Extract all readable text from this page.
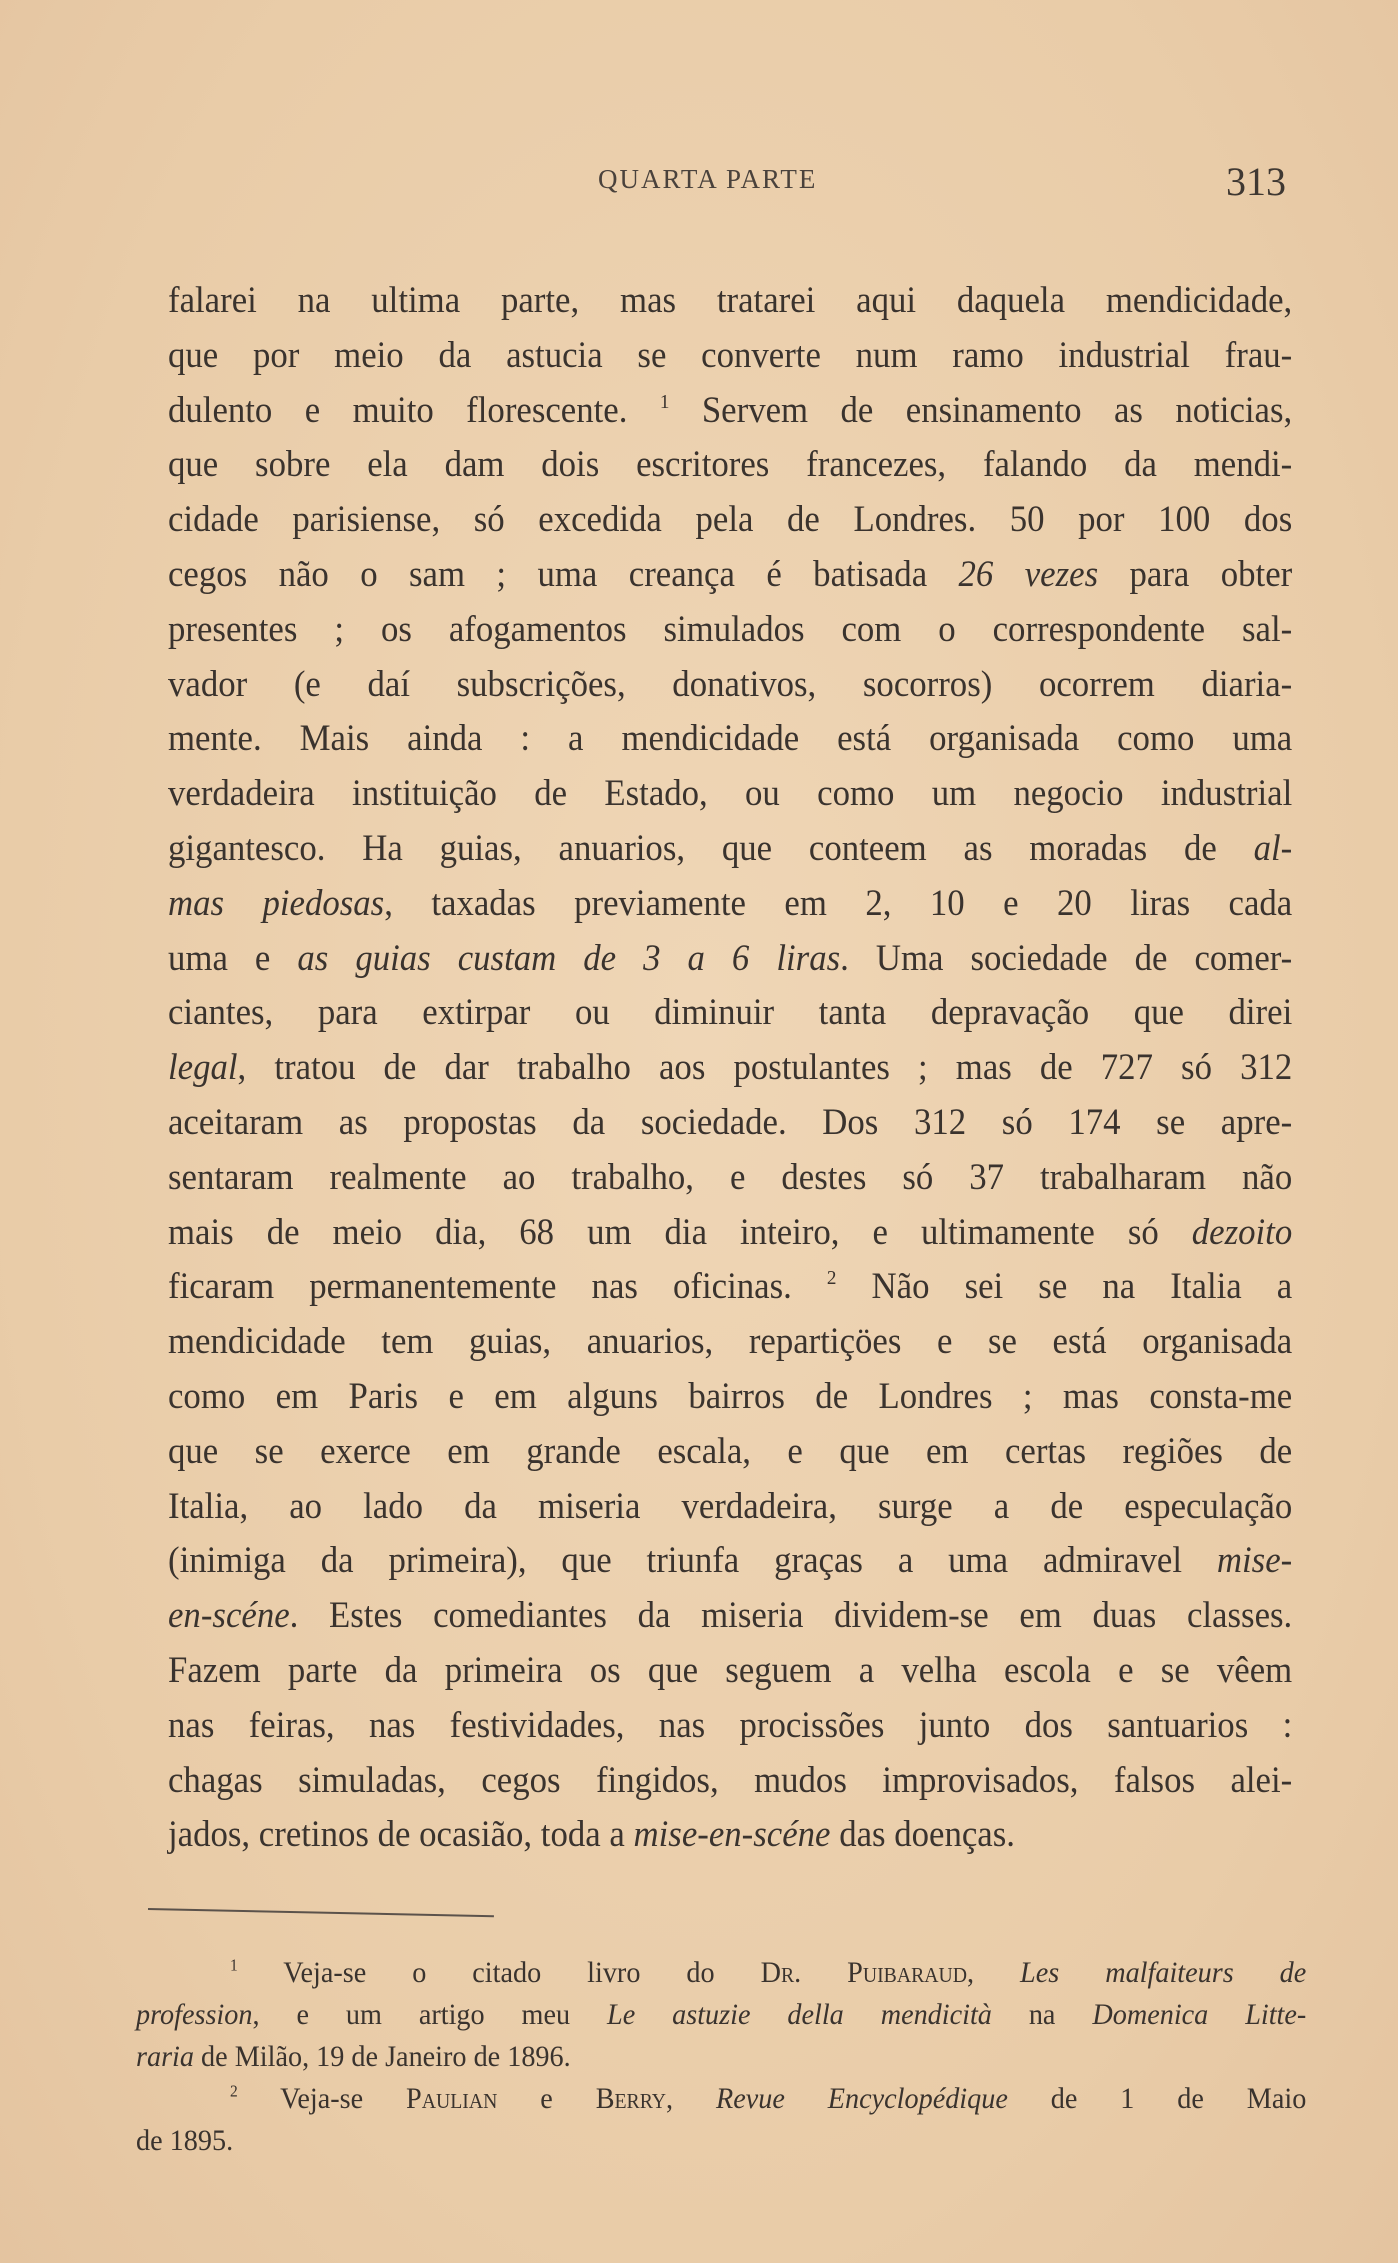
QUARTA PARTE	313
falarei na ultima parte, mas tratarei aqui daquela mendicidade,
que por meio da astucia se converte num ramo industrial frau-
dulento e muito florescente. $^1$ Servem de ensinamento as noticias,
que sobre ela dam dois escritores francezes, falando da mendi-
cidade parisiense, só excedida pela de Londres. 50 por 100 dos
cegos não o sam ; uma creança é batisada 26 vezes para obter
presentes ; os afogamentos simulados com o correspondente sal-
vador (e daí subscrições, donativos, socorros) ocorrem diaria-
mente. Mais ainda : a mendicidade está organisada como uma
verdadeira instituição de Estado, ou como um negocio industrial
gigantesco. Ha guias, anuarios, que conteem as moradas de al-
mas piedosas, taxadas previamente em 2, 10 e 20 liras cada
uma e as guias custam de 3 a 6 liras. Uma sociedade de comer-
ciantes, para extirpar ou diminuir tanta depravação que direi
legal, tratou de dar trabalho aos postulantes ; mas de 727 só 312
aceitaram as propostas da sociedade. Dos 312 só 174 se apre-
sentaram realmente ao trabalho, e destes só 37 trabalharam não
mais de meio dia, 68 um dia inteiro, e ultimamente só dezoito
ficaram permanentemente nas oficinas. $^2$ Não sei se na Italia a
mendicidade tem guias, anuarios, repartiçöes e se está organisada
como em Paris e em alguns bairros de Londres ; mas consta-me
que se exerce em grande escala, e que em certas regiões de
Italia, ao lado da miseria verdadeira, surge a de especulação
(inimiga da primeira), que triunfa graças a uma admiravel mise-
en-scéne. Estes comediantes da miseria dividem-se em duas classes.
Fazem parte da primeira os que seguem a velha escola e se vêem
nas feiras, nas festividades, nas procissões junto dos santuarios :
chagas simuladas, cegos fingidos, mudos improvisados, falsos alei-
jados, cretinos de ocasião, toda a mise-en-scéne das doenças.
$^1$ Veja-se o citado livro do Dr. Puibaraud, Les malfaiteurs de
profession, e um artigo meu Le astuzie della mendicità na Domenica Litte-
raria de Milão, 19 de Janeiro de 1896.
$^2$ Veja-se Paulian e Berry, Revue Encyclopédique de 1 de Maio
de 1895.
